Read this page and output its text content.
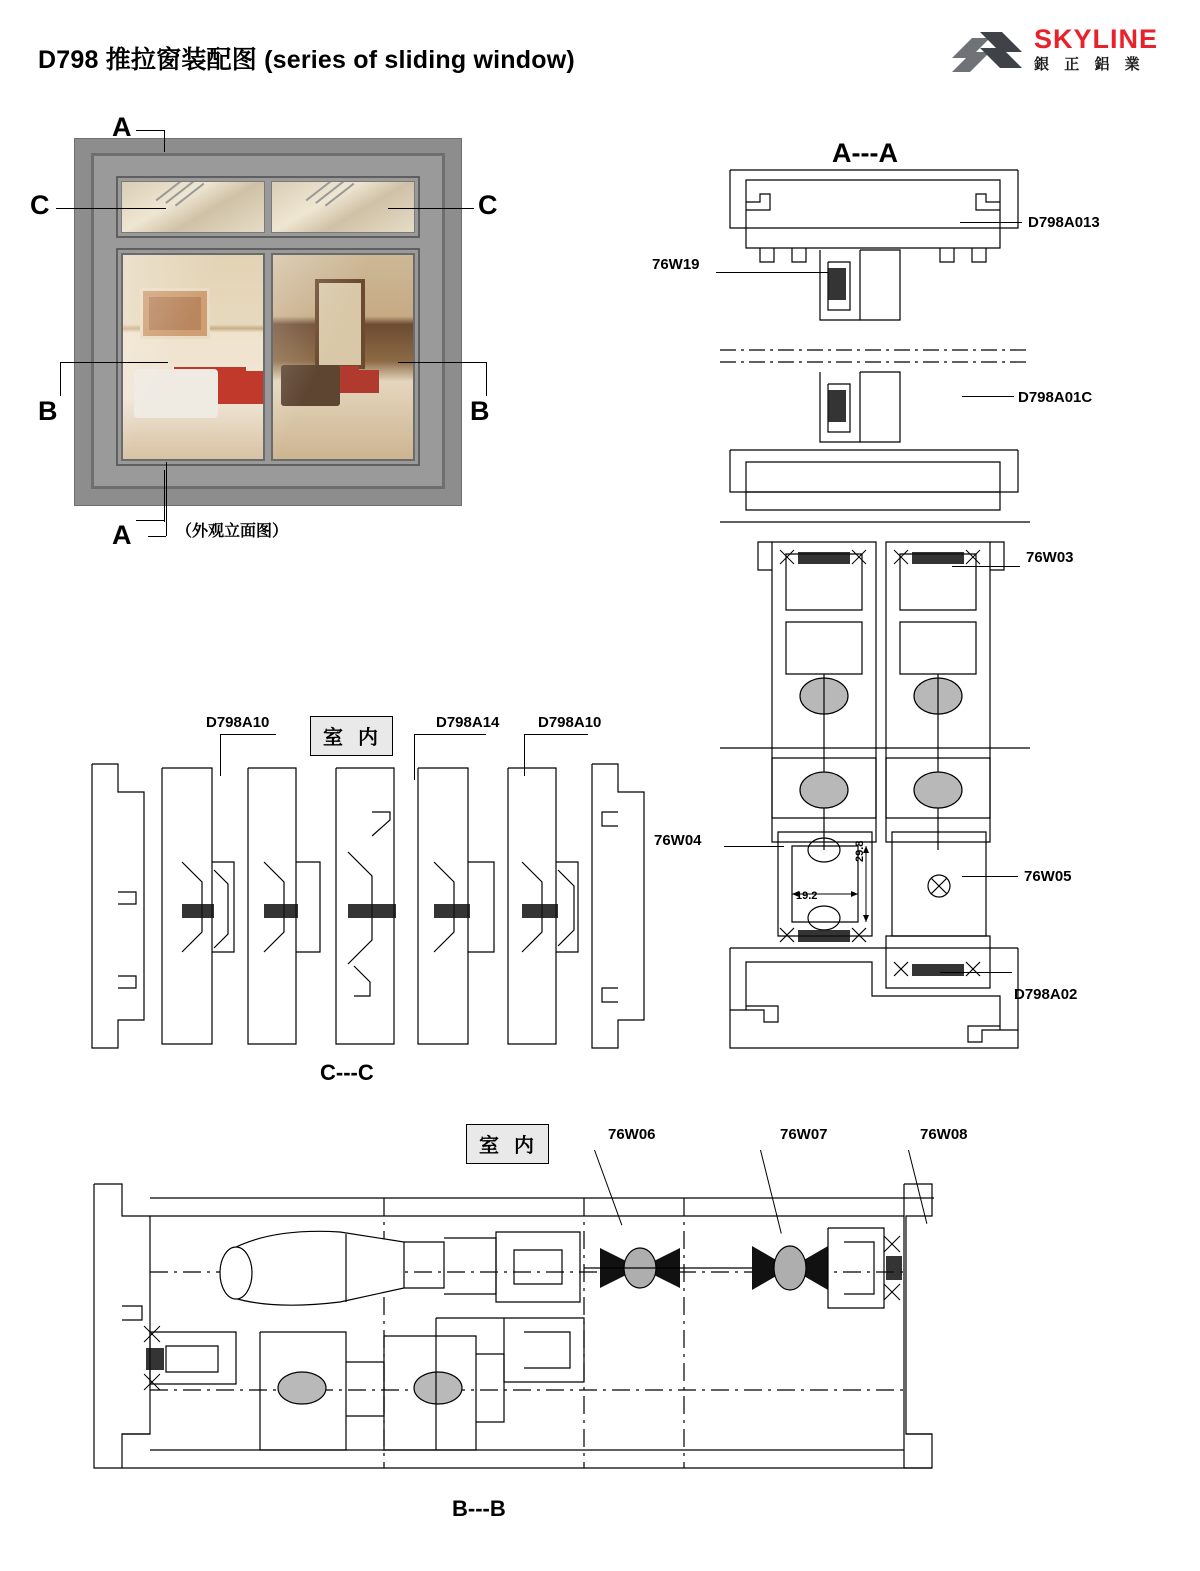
D798 推拉窗装配图 (series of sliding window)
SKYLINE
銀 正 鋁 業
A
A
C	C
B	B
（外观立面图）
A---A
D798A013
76W19
D798A01C
76W03
76W04
76W05
D798A02
19.2
29.8
D798A10
室 内
D798A14	D798A10
C---C
室 内	76W06	76W07	76W08
B---B
